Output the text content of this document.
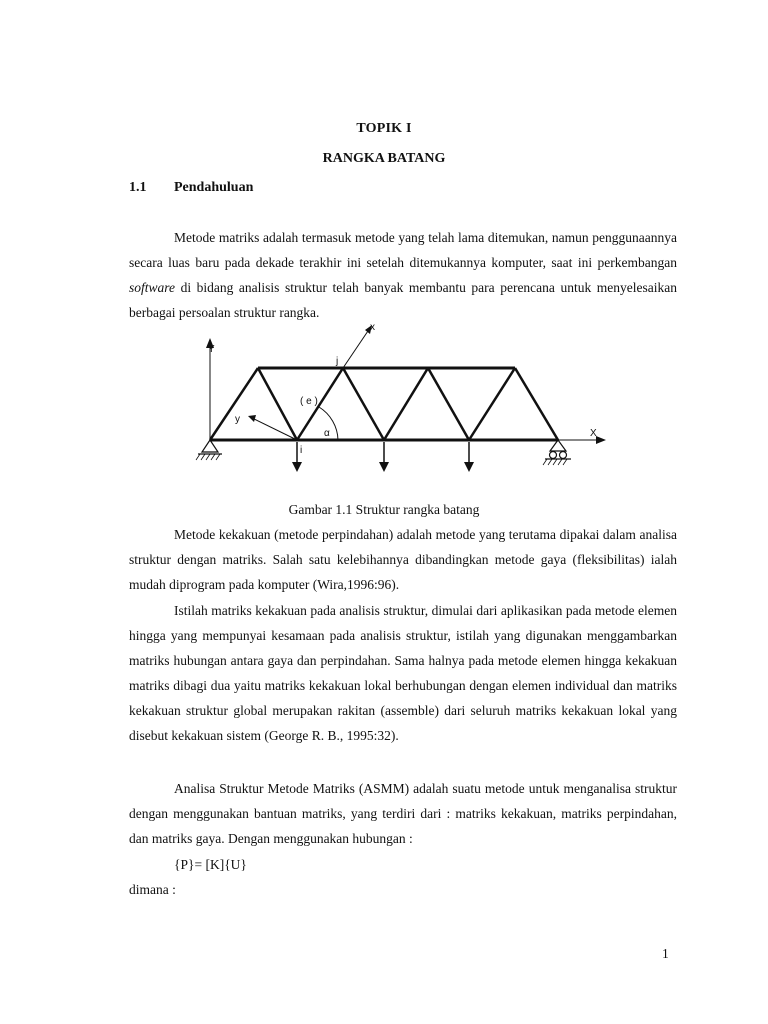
TOPIK I
RANGKA BATANG
1.1 Pendahuluan

Metode matriks adalah termasuk metode yang telah lama ditemukan, namun penggunaannya secara luas baru pada dekade terakhir ini setelah ditemukannya komputer, saat ini perkembangan software di bidang analisis struktur telah banyak membantu para perencana untuk menyelesaikan berbagai persoalan struktur rangka.

Y
X
x
y
( e )
α
i
j
Gambar 1.1 Struktur rangka batang

Metode kekakuan (metode perpindahan) adalah metode yang terutama dipakai dalam analisa struktur dengan matriks. Salah satu kelebihannya dibandingkan metode gaya (fleksibilitas) ialah mudah diprogram pada komputer (Wira,1996:96).

Istilah matriks kekakuan pada analisis struktur, dimulai dari aplikasikan pada metode elemen hingga yang mempunyai kesamaan pada analisis struktur, istilah yang digunakan menggambarkan matriks hubungan antara gaya dan perpindahan. Sama halnya pada metode elemen hingga kekakuan matriks dibagi dua yaitu matriks kekakuan lokal berhubungan dengan elemen individual dan matriks kekakuan struktur global merupakan rakitan (assemble) dari seluruh matriks kekakuan lokal yang disebut kekakuan sistem (George R. B., 1995:32).

Analisa Struktur Metode Matriks (ASMM) adalah suatu metode untuk menganalisa struktur dengan menggunakan bantuan matriks, yang terdiri dari : matriks kekakuan, matriks perpindahan, dan matriks gaya. Dengan menggunakan hubungan :

{P}= [K]{U}
dimana :
1
